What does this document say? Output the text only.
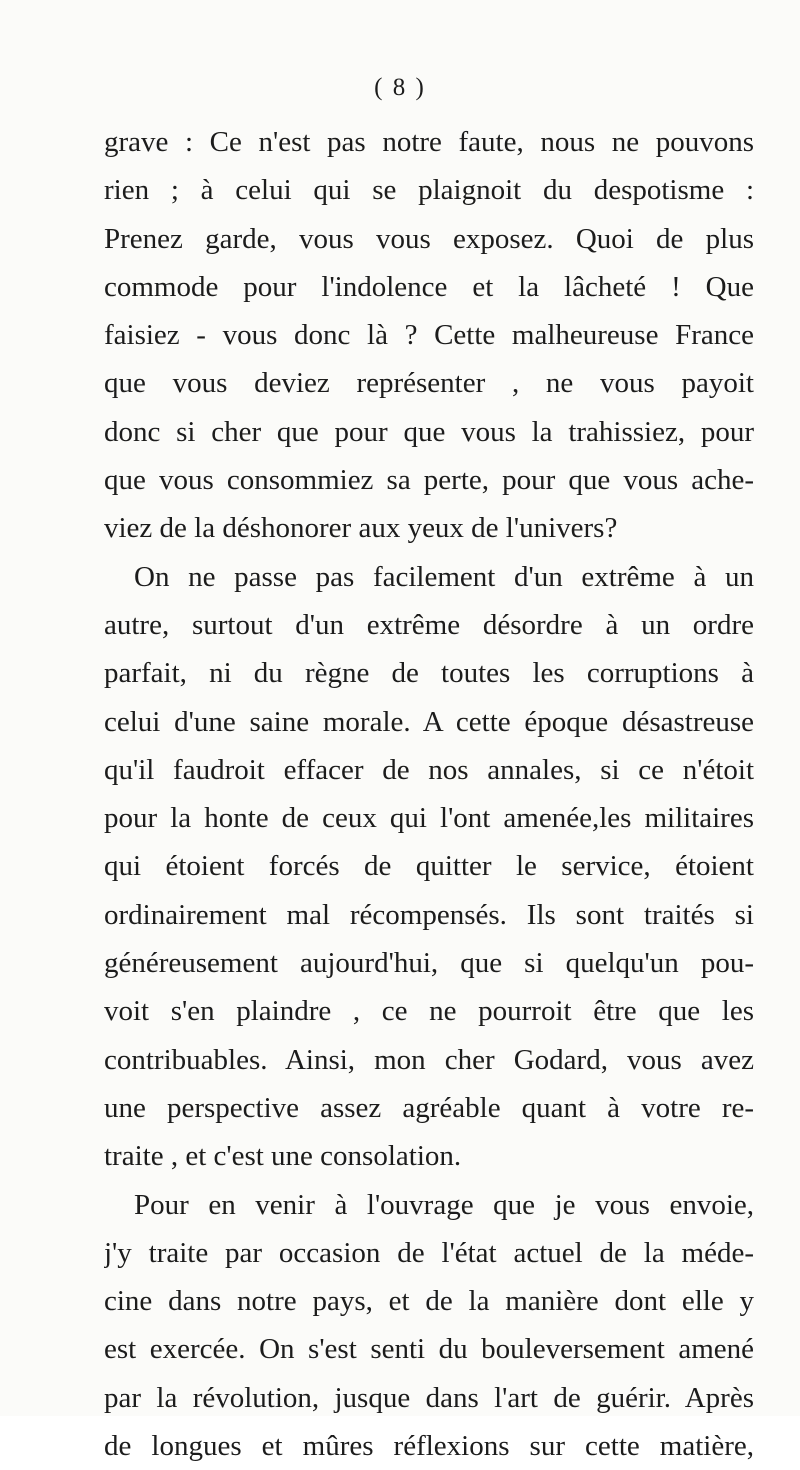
( 8 )
grave : Ce n'est pas notre faute, nous ne pouvons
rien ; à celui qui se plaignoit du despotisme :
Prenez garde, vous vous exposez. Quoi de plus
commode pour l'indolence et la lâcheté ! Que
faisiez - vous donc là ? Cette malheureuse France
que vous deviez représenter , ne vous payoit
donc si cher que pour que vous la trahissiez, pour
que vous consommiez sa perte, pour que vous ache-
viez de la déshonorer aux yeux de l'univers?
On ne passe pas facilement d'un extrême à un
autre, surtout d'un extrême désordre à un ordre
parfait, ni du règne de toutes les corruptions à
celui d'une saine morale. A cette époque désastreuse
qu'il faudroit effacer de nos annales, si ce n'étoit
pour la honte de ceux qui l'ont amenée,les militaires
qui étoient forcés de quitter le service, étoient
ordinairement mal récompensés. Ils sont traités si
généreusement aujourd'hui, que si quelqu'un pou-
voit s'en plaindre , ce ne pourroit être que les
contribuables. Ainsi, mon cher Godard, vous avez
une perspective assez agréable quant à votre re-
traite , et c'est une consolation.
Pour en venir à l'ouvrage que je vous envoie,
j'y traite par occasion de l'état actuel de la méde-
cine dans notre pays, et de la manière dont elle y
est exercée. On s'est senti du bouleversement amené
par la révolution, jusque dans l'art de guérir. Après
de longues et mûres réflexions sur cette matière,
